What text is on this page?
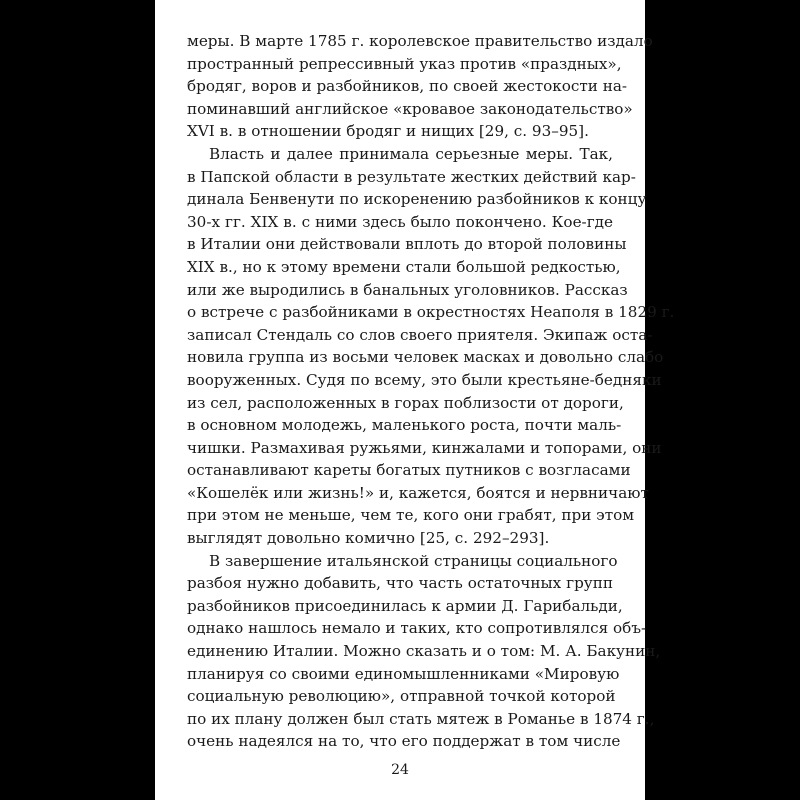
меры. В марте 1785 г. королевское правительство издало
пространный репрессивный указ против «праздных»,
бродяг, воров и разбойников, по своей жестокости на-
поминавший английское «кровавое законодательство»
XVI в. в отношении бродяг и нищих [29, с. 93–95].
Власть и далее принимала серьезные меры. Так,
в Папской области в результате жестких действий кар-
динала Бенвенути по искоренению разбойников к концу
30-х гг. XIX в. с ними здесь было покончено. Кое-где
в Италии они действовали вплоть до второй половины
XIX в., но к этому времени стали большой редкостью,
или же выродились в банальных уголовников. Рассказ
о встрече с разбойниками в окрестностях Неаполя в 1829 г.
записал Стендаль со слов своего приятеля. Экипаж оста-
новила группа из восьми человек масках и довольно слабо
вооруженных. Судя по всему, это были крестьяне-бедняки
из сел, расположенных в горах поблизости от дороги,
в основном молодежь, маленького роста, почти маль-
чишки. Размахивая ружьями, кинжалами и топорами, они
останавливают кареты богатых путников с возгласами
«Кошелёк или жизнь!» и, кажется, боятся и нервничают
при этом не меньше, чем те, кого они грабят, при этом
выглядят довольно комично [25, с. 292–293].
В завершение итальянской страницы социального
разбоя нужно добавить, что часть остаточных групп
разбойников присоединилась к армии Д. Гарибальди,
однако нашлось немало и таких, кто сопротивлялся объ-
единению Италии. Можно сказать и о том: М. А. Бакунин,
планируя со своими единомышленниками «Мировую
социальную революцию», отправной точкой которой
по их плану должен был стать мятеж в Романье в 1874 г.,
очень надеялся на то, что его поддержат в том числе
24
